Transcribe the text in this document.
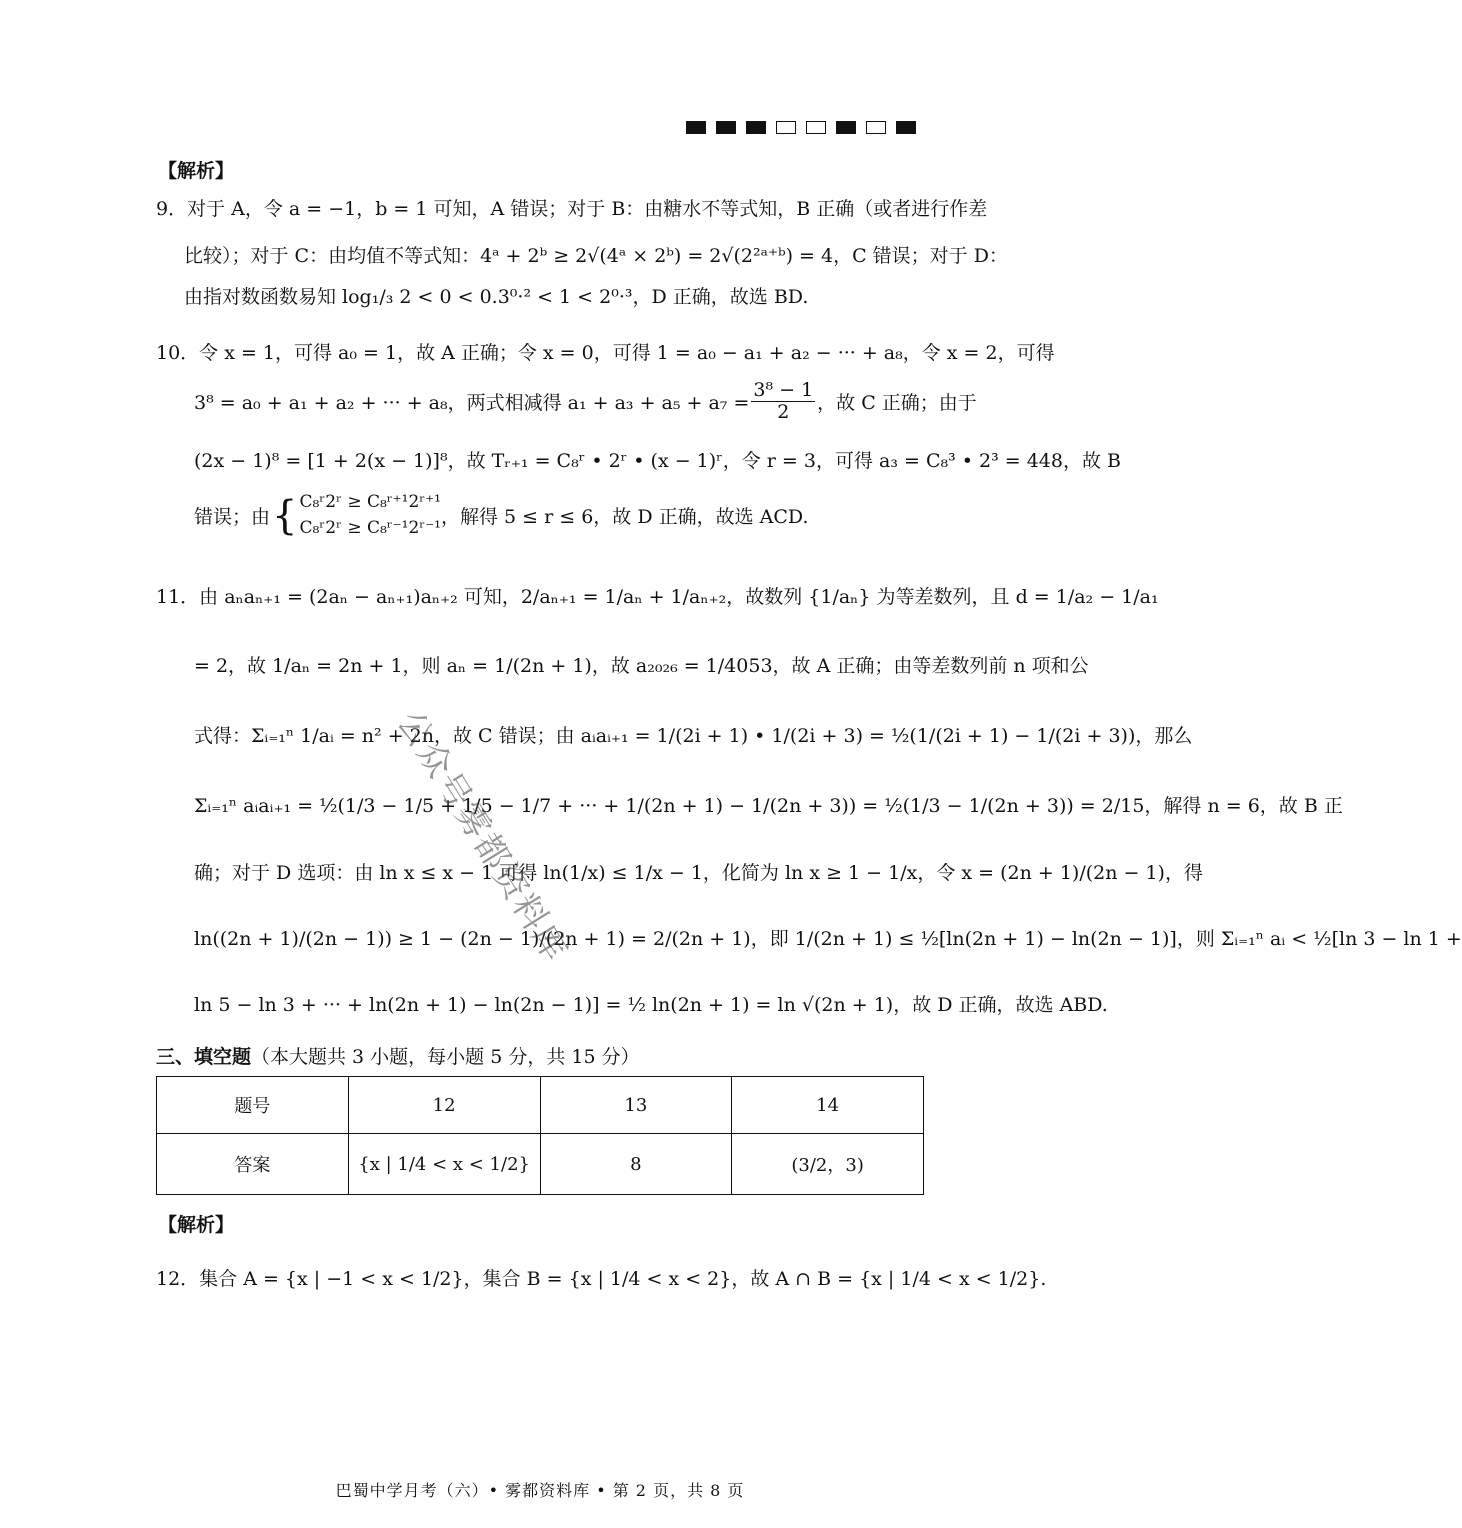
【解析】
9．对于 A，令 a = −1，b = 1 可知，A 错误；对于 B：由糖水不等式知，B 正确（或者进行作差
比较）；对于 C：由均值不等式知：4ᵃ + 2ᵇ ≥ 2√(4ᵃ × 2ᵇ) = 2√(2²ᵃ⁺ᵇ) = 4，C 错误；对于 D：
由指对数函数易知 log₁/₃ 2 < 0 < 0.3⁰·² < 1 < 2⁰·³，D 正确，故选 BD.
10．令 x = 1，可得 a₀ = 1，故 A 正确；令 x = 0，可得 1 = a₀ − a₁ + a₂ − ··· + a₈，令 x = 2，可得
3⁸ = a₀ + a₁ + a₂ + ··· + a₈，两式相减得 $a_1 + a_3 + a_5 + a_7 = \frac{\text{3⁸ − 1}}{2}$ ，故 C 正确；由于
(2x − 1)⁸ = [1 + 2(x − 1)]⁸，故 Tᵣ₊₁ = C₈ʳ • 2ʳ • (x − 1)ʳ，令 r = 3，可得 a₃ = C₈³ • 2³ = 448，故 B
错误；由 { C₈ʳ2ʳ ≥ C₈ʳ⁺¹2ʳ⁺¹
C₈ʳ2ʳ ≥ C₈ʳ⁻¹2ʳ⁻¹ ，解得 5 ≤ r ≤ 6，故 D 正确，故选 ACD.
11．由 aₙaₙ₊₁ = (2aₙ − aₙ₊₁)aₙ₊₂ 可知，2/aₙ₊₁ = 1/aₙ + 1/aₙ₊₂，故数列 {1/aₙ} 为等差数列，且 d = 1/a₂ − 1/a₁
= 2，故 1/aₙ = 2n + 1，则 aₙ = 1/(2n + 1)，故 a₂₀₂₆ = 1/4053，故 A 正确；由等差数列前 n 项和公
式得：Σᵢ₌₁ⁿ 1/aᵢ = n² + 2n，故 C 错误；由 aᵢaᵢ₊₁ = 1/(2i + 1) • 1/(2i + 3) = ½(1/(2i + 1) − 1/(2i + 3))，那么
Σᵢ₌₁ⁿ aᵢaᵢ₊₁ = ½(1/3 − 1/5 + 1/5 − 1/7 + ··· + 1/(2n + 1) − 1/(2n + 3)) = ½(1/3 − 1/(2n + 3)) = 2/15，解得 n = 6，故 B 正
确；对于 D 选项：由 ln x ≤ x − 1 可得 ln(1/x) ≤ 1/x − 1，化简为 ln x ≥ 1 − 1/x，令 x = (2n + 1)/(2n − 1)，得
ln((2n + 1)/(2n − 1)) ≥ 1 − (2n − 1)/(2n + 1) = 2/(2n + 1)，即 1/(2n + 1) ≤ ½[ln(2n + 1) − ln(2n − 1)]，则 Σᵢ₌₁ⁿ aᵢ < ½[ln 3 − ln 1 +
ln 5 − ln 3 + ··· + ln(2n + 1) − ln(2n − 1)] = ½ ln(2n + 1) = ln √(2n + 1)，故 D 正确，故选 ABD.
三、填空题（本大题共 3 小题，每小题 5 分，共 15 分）
题号	12	13	14
答案	{x | 1/4 < x < 1/2}	8	(3/2，3)
【解析】
12．集合 A = {x | −1 < x < 1/2}，集合 B = {x | 1/4 < x < 2}，故 A ∩ B = {x | 1/4 < x < 1/2}.
公众号雾都资料库
巴蜀中学月考（六）• 雾都资料库 • 第 2 页，共 8 页
